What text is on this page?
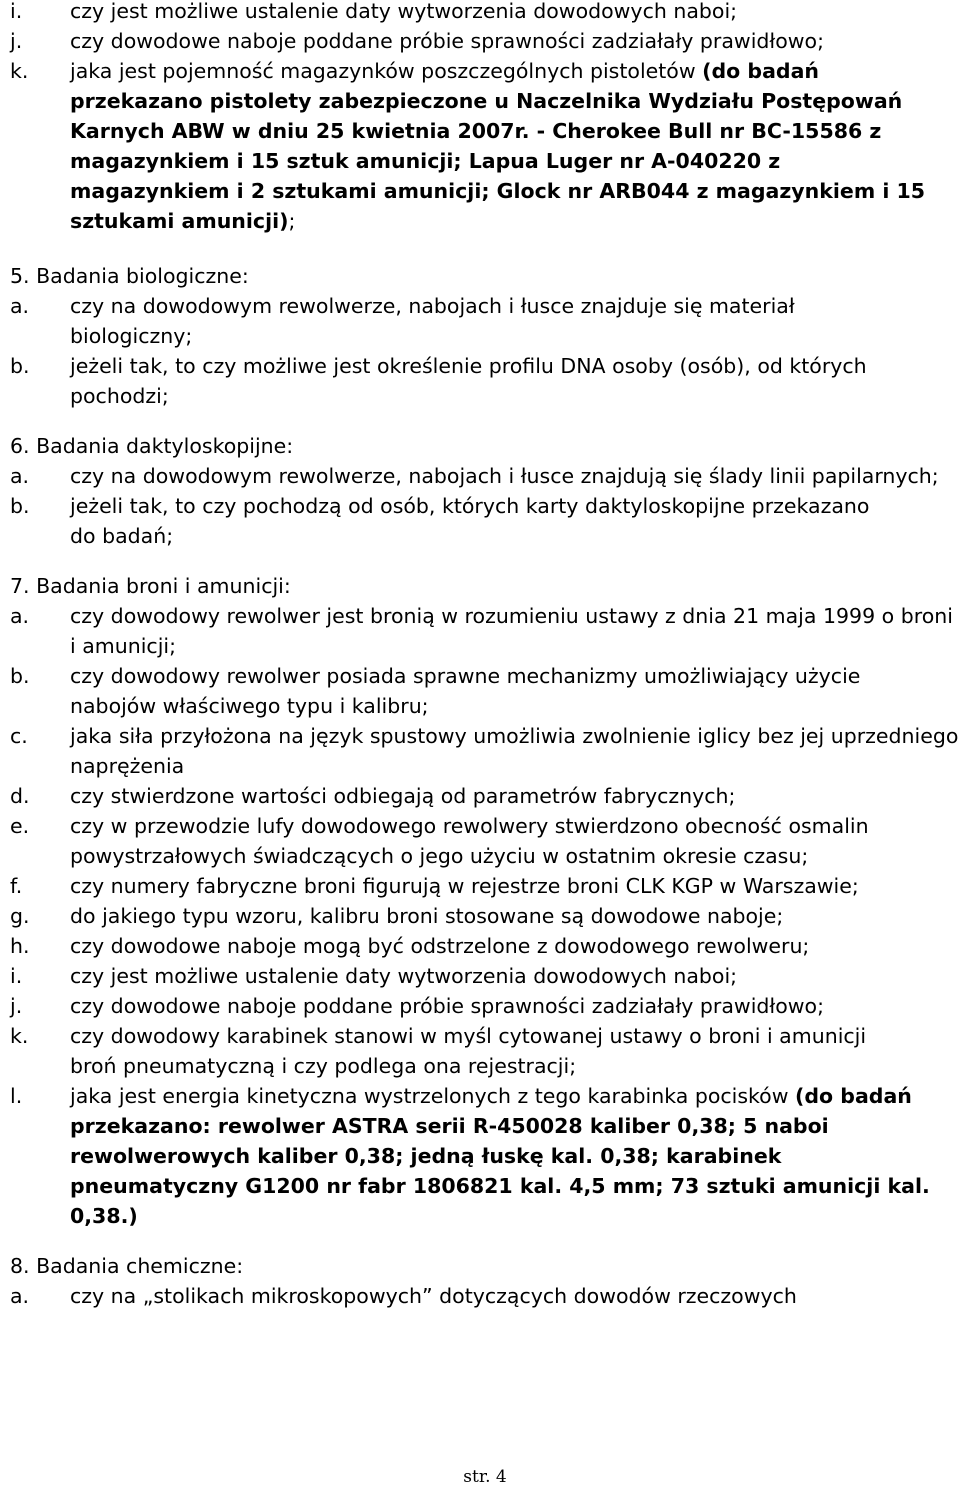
i. czy jest możliwe ustalenie daty wytworzenia dowodowych naboi;

j. czy dowodowe naboje poddane próbie sprawności zadziałały prawidłowo;

k. jaka jest pojemność magazynków poszczególnych pistoletów (do badań przekazano pistolety zabezpieczone u Naczelnika Wydziału Postępowań Karnych ABW w dniu 25 kwietnia 2007r. - Cherokee Bull nr BC-15586 z magazynkiem i 15 sztuk amunicji; Lapua Luger nr A-040220 z magazynkiem i 2 sztukami amunicji; Glock nr ARB044 z magazynkiem i 15 sztukami amunicji);

5. Badania biologiczne:

a. czy na dowodowym rewolwerze, nabojach i łusce znajduje się materiał biologiczny;

b. jeżeli tak, to czy możliwe jest określenie profilu DNA osoby (osób), od których pochodzi;

6. Badania daktyloskopijne:

a. czy na dowodowym rewolwerze, nabojach i łusce znajdują się ślady linii papilarnych;

b. jeżeli tak, to czy pochodzą od osób, których karty daktyloskopijne przekazano do badań;

7. Badania broni i amunicji:

a. czy dowodowy rewolwer jest bronią w rozumieniu ustawy z dnia 21 maja 1999 o broni i amunicji;

b. czy dowodowy rewolwer posiada sprawne mechanizmy umożliwiający użycie nabojów właściwego typu i kalibru;

c. jaka siła przyłożona na język spustowy umożliwia zwolnienie iglicy bez jej uprzedniego naprężenia

d. czy stwierdzone wartości odbiegają od parametrów fabrycznych;

e. czy w przewodzie lufy dowodowego rewolwery stwierdzono obecność osmalin powystrzałowych świadczących o jego użyciu w ostatnim okresie czasu;

f. czy numery fabryczne broni figurują w rejestrze broni CLK KGP w Warszawie;

g. do jakiego typu wzoru, kalibru broni stosowane są dowodowe naboje;

h. czy dowodowe naboje mogą być odstrzelone z dowodowego rewolweru;

i. czy jest możliwe ustalenie daty wytworzenia dowodowych naboi;

j. czy dowodowe naboje poddane próbie sprawności zadziałały prawidłowo;

k. czy dowodowy karabinek stanowi w myśl cytowanej ustawy o broni i amunicji broń pneumatyczną i czy podlega ona rejestracji;

l. jaka jest energia kinetyczna wystrzelonych z tego karabinka pocisków (do badań przekazano: rewolwer ASTRA serii R-450028 kaliber 0,38; 5 naboi rewolwerowych kaliber 0,38; jedną łuskę kal. 0,38; karabinek pneumatyczny G1200 nr fabr 1806821 kal. 4,5 mm; 73 sztuki amunicji kal. 0,38.)

8. Badania chemiczne:

a. czy na „stolikach mikroskopowych” dotyczących dowodów rzeczowych

str. 4
